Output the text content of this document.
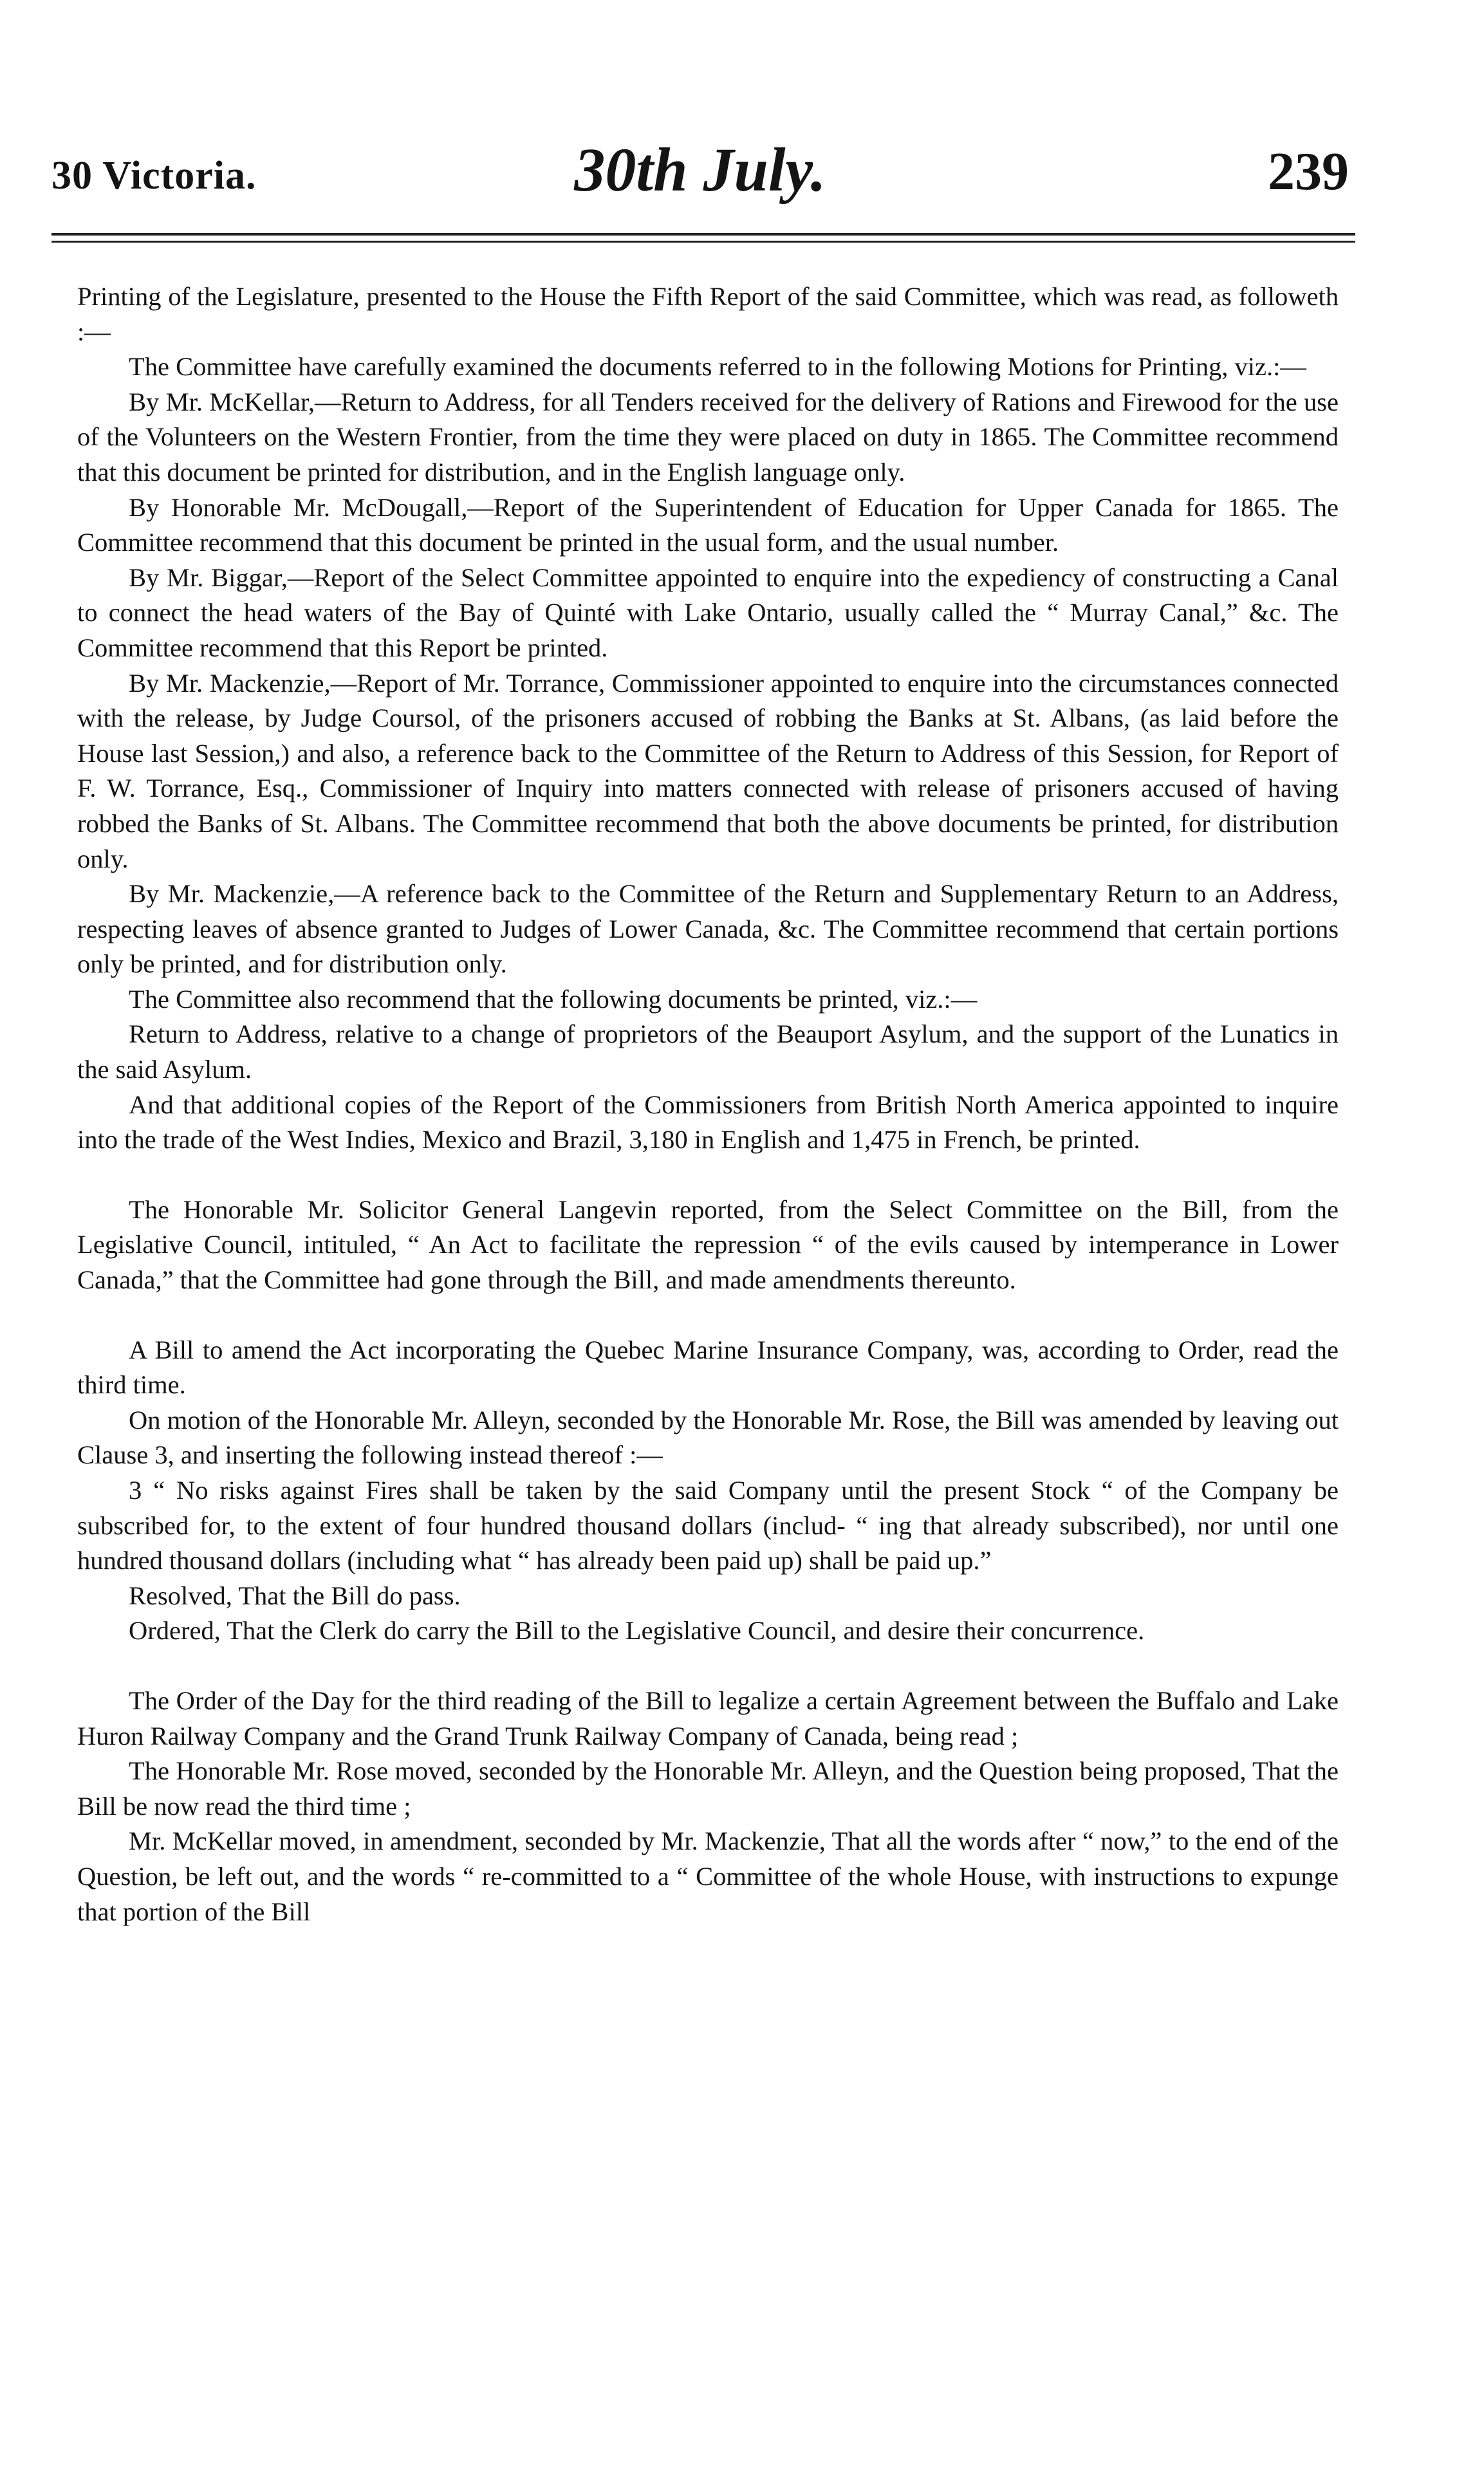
30 Victoria.	30th July.	239

Printing of the Legislature, presented to the House the Fifth Report of the said Committee, which was read, as followeth :—

The Committee have carefully examined the documents referred to in the following Motions for Printing, viz.:—

By Mr. McKellar,—Return to Address, for all Tenders received for the delivery of Rations and Firewood for the use of the Volunteers on the Western Frontier, from the time they were placed on duty in 1865. The Committee recommend that this document be printed for distribution, and in the English language only.

By Honorable Mr. McDougall,—Report of the Superintendent of Education for Upper Canada for 1865. The Committee recommend that this document be printed in the usual form, and the usual number.

By Mr. Biggar,—Report of the Select Committee appointed to enquire into the expediency of constructing a Canal to connect the head waters of the Bay of Quinté with Lake Ontario, usually called the “ Murray Canal,” &c. The Committee recommend that this Report be printed.

By Mr. Mackenzie,—Report of Mr. Torrance, Commissioner appointed to enquire into the circumstances connected with the release, by Judge Coursol, of the prisoners accused of robbing the Banks at St. Albans, (as laid before the House last Session,) and also, a reference back to the Committee of the Return to Address of this Session, for Report of F. W. Torrance, Esq., Commissioner of Inquiry into matters connected with release of prisoners accused of having robbed the Banks of St. Albans. The Committee recommend that both the above documents be printed, for distribution only.

By Mr. Mackenzie,—A reference back to the Committee of the Return and Supplementary Return to an Address, respecting leaves of absence granted to Judges of Lower Canada, &c. The Committee recommend that certain portions only be printed, and for distribution only.

The Committee also recommend that the following documents be printed, viz.:—

Return to Address, relative to a change of proprietors of the Beauport Asylum, and the support of the Lunatics in the said Asylum.

And that additional copies of the Report of the Commissioners from British North America appointed to inquire into the trade of the West Indies, Mexico and Brazil, 3,180 in English and 1,475 in French, be printed.

The Honorable Mr. Solicitor General Langevin reported, from the Select Committee on the Bill, from the Legislative Council, intituled, “ An Act to facilitate the repression “ of the evils caused by intemperance in Lower Canada,” that the Committee had gone through the Bill, and made amendments thereunto.

A Bill to amend the Act incorporating the Quebec Marine Insurance Company, was, according to Order, read the third time.

On motion of the Honorable Mr. Alleyn, seconded by the Honorable Mr. Rose, the Bill was amended by leaving out Clause 3, and inserting the following instead thereof :—

3 “ No risks against Fires shall be taken by the said Company until the present Stock “ of the Company be subscribed for, to the extent of four hundred thousand dollars (includ- “ ing that already subscribed), nor until one hundred thousand dollars (including what “ has already been paid up) shall be paid up.”

Resolved, That the Bill do pass.

Ordered, That the Clerk do carry the Bill to the Legislative Council, and desire their concurrence.

The Order of the Day for the third reading of the Bill to legalize a certain Agreement between the Buffalo and Lake Huron Railway Company and the Grand Trunk Railway Company of Canada, being read ;

The Honorable Mr. Rose moved, seconded by the Honorable Mr. Alleyn, and the Question being proposed, That the Bill be now read the third time ;

Mr. McKellar moved, in amendment, seconded by Mr. Mackenzie, That all the words after “ now,” to the end of the Question, be left out, and the words “ re-committed to a “ Committee of the whole House, with instructions to expunge that portion of the Bill
